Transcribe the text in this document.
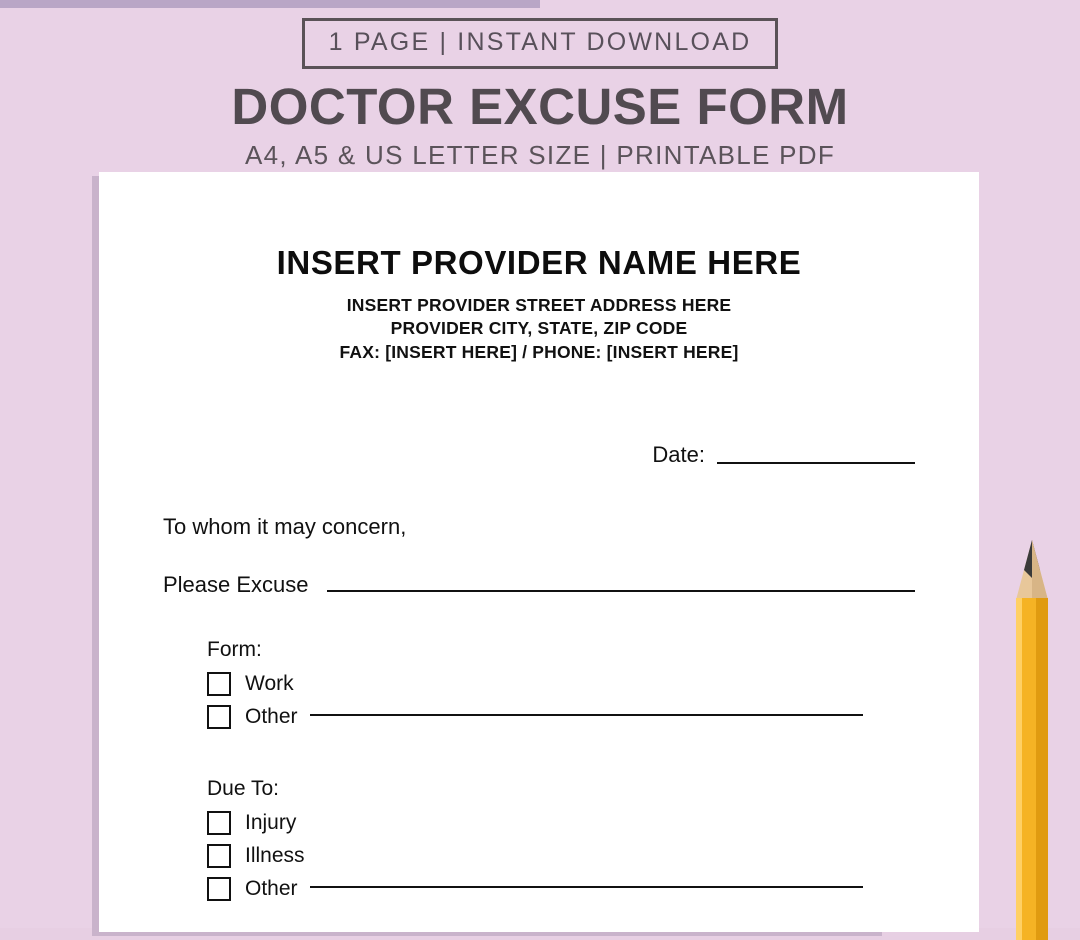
1 PAGE | INSTANT DOWNLOAD
DOCTOR EXCUSE FORM
A4, A5 & US LETTER SIZE | PRINTABLE PDF
INSERT PROVIDER NAME HERE
INSERT PROVIDER STREET ADDRESS HERE
PROVIDER CITY, STATE, ZIP CODE
FAX: [INSERT HERE] / PHONE: [INSERT HERE]
Date:
To whom it may concern,
Please Excuse
Form:
Work
Other
Due To:
Injury
Illness
Other
